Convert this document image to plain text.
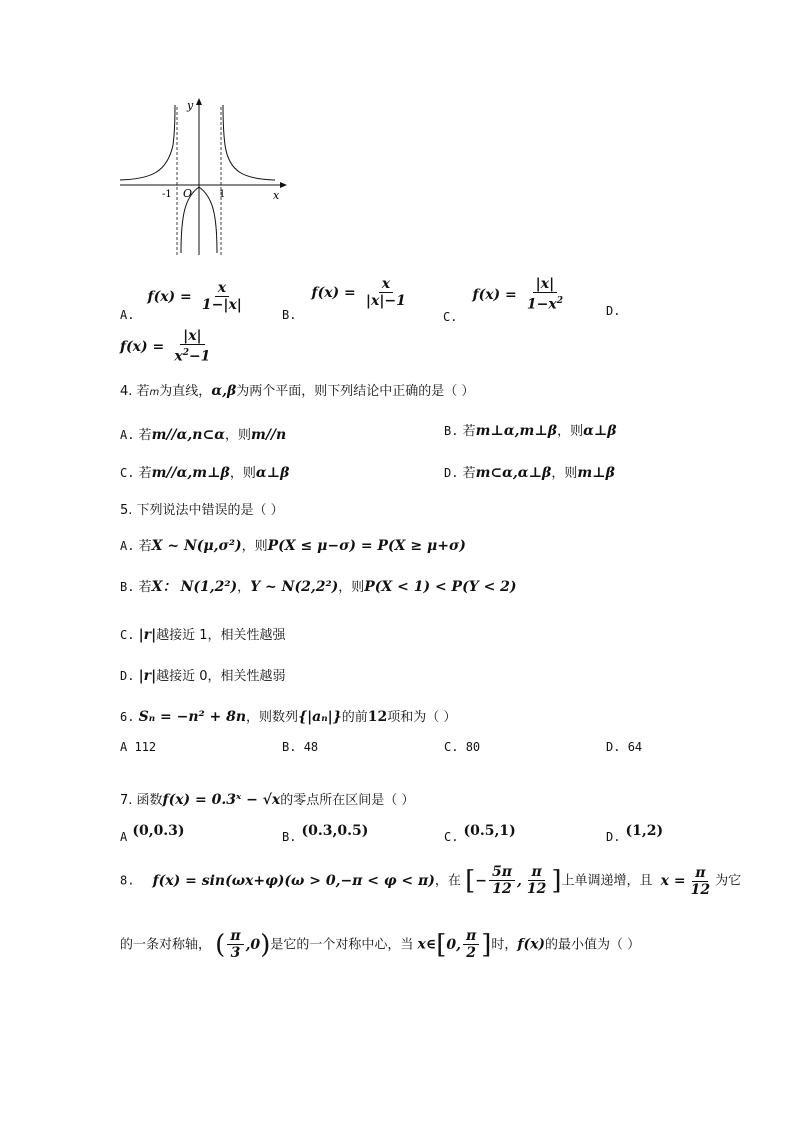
y
x
O
-1	1
$_{A.}$ $f(x) = \frac{x}{1-|x|}$
$_{B.}$ $f(x) = \frac{x}{|x|-1}$
$_{C.}$ $f(x) = \frac{|x|}{1-x^2}$	D.
$f(x) = \frac{|x|}{x^2-1}$
4. 若m为直线，α,β为两个平面，则下列结论中正确的是（ ）
A. 若m//α,n⊂α，则m//n	B. 若m⊥α,m⊥β，则α⊥β
C. 若m//α,m⊥β，则α⊥β	D. 若m⊂α,α⊥β，则m⊥β
5. 下列说法中错误的是（ ）
A. 若X ~ N(μ,σ²)，则P(X ≤ μ−σ) = P(X ≥ μ+σ)
B. 若X： N(1,2²)，Y ~ N(2,2²)，则P(X < 1) < P(Y < 2)
C. |r|越接近 1，相关性越强
D. |r|越接近 0，相关性越弱
6. Sₙ = −n² + 8n，则数列{|aₙ|}的前12项和为（ ）
A 112	B. 48	C. 80	D. 64
7. 函数f(x) = 0.3ˣ − √x的零点所在区间是（ ）
$_A$ (0,0.3)	$_{B.}$ (0.3,0.5)	$_{C.}$ (0.5,1)	$_{D.}$ (1,2)
8. f(x) = sin(ωx+φ)(ω > 0,−π < φ < π)，在 [− $\frac{5\pi}{12}$ , $\frac{\pi}{12}$ ]上单调递增，且 $x = \frac{\pi}{12}$ 为它
的一条对称轴， ( $\frac{\pi}{3} ,0$)是它的一个对称中心，当 x∈[0, $\frac{\pi}{2}$ ]时，f(x)的最小值为（ ）
